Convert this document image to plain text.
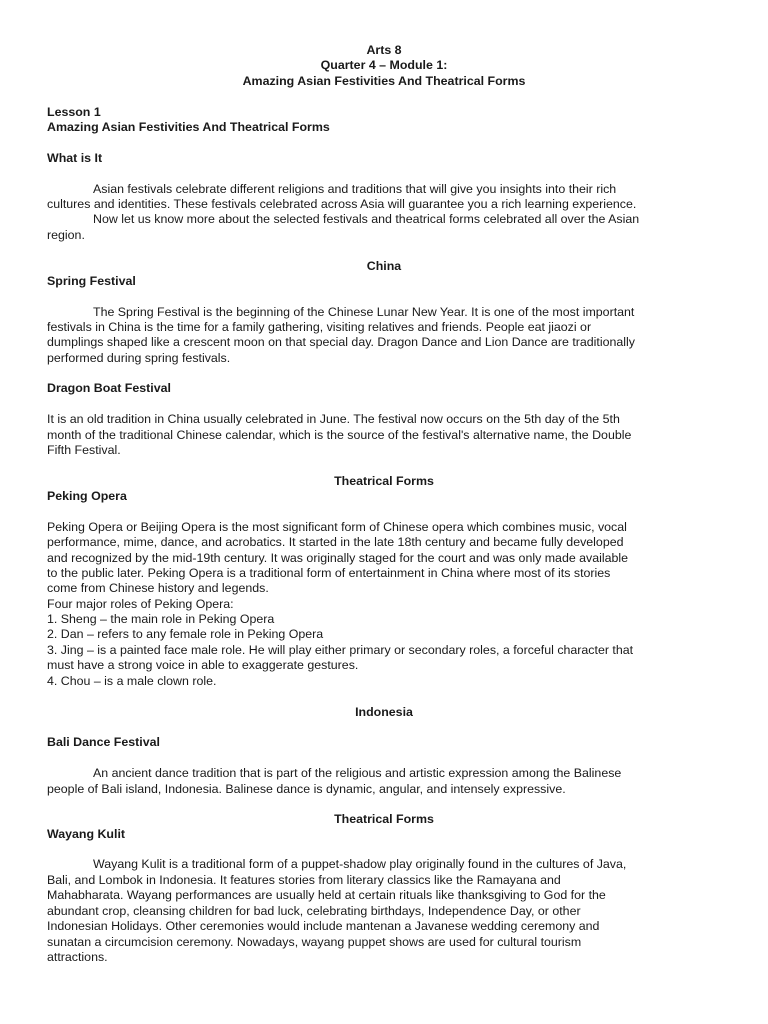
Arts 8
Quarter 4 – Module 1:
Amazing Asian Festivities And Theatrical Forms
Lesson 1
Amazing Asian Festivities And Theatrical Forms
What is It
Asian festivals celebrate different religions and traditions that will give you insights into their rich
cultures and identities. These festivals celebrated across Asia will guarantee you a rich learning experience.
Now let us know more about the selected festivals and theatrical forms celebrated all over the Asian
region.
China
Spring Festival
The Spring Festival is the beginning of the Chinese Lunar New Year. It is one of the most important
festivals in China is the time for a family gathering, visiting relatives and friends. People eat jiaozi or
dumplings shaped like a crescent moon on that special day. Dragon Dance and Lion Dance are traditionally
performed during spring festivals.
Dragon Boat Festival
It is an old tradition in China usually celebrated in June. The festival now occurs on the 5th day of the 5th
month of the traditional Chinese calendar, which is the source of the festival's alternative name, the Double
Fifth Festival.
Theatrical Forms
Peking Opera
Peking Opera or Beijing Opera is the most significant form of Chinese opera which combines music, vocal
performance, mime, dance, and acrobatics. It started in the late 18th century and became fully developed
and recognized by the mid-19th century. It was originally staged for the court and was only made available
to the public later. Peking Opera is a traditional form of entertainment in China where most of its stories
come from Chinese history and legends.
Four major roles of Peking Opera:
1. Sheng – the main role in Peking Opera
2. Dan – refers to any female role in Peking Opera
3. Jing – is a painted face male role. He will play either primary or secondary roles, a forceful character that
must have a strong voice in able to exaggerate gestures.
4. Chou – is a male clown role.
Indonesia
Bali Dance Festival
An ancient dance tradition that is part of the religious and artistic expression among the Balinese
people of Bali island, Indonesia. Balinese dance is dynamic, angular, and intensely expressive.
Theatrical Forms
Wayang Kulit
Wayang Kulit is a traditional form of a puppet-shadow play originally found in the cultures of Java,
Bali, and Lombok in Indonesia. It features stories from literary classics like the Ramayana and
Mahabharata. Wayang performances are usually held at certain rituals like thanksgiving to God for the
abundant crop, cleansing children for bad luck, celebrating birthdays, Independence Day, or other
Indonesian Holidays. Other ceremonies would include mantenan a Javanese wedding ceremony and
sunatan a circumcision ceremony. Nowadays, wayang puppet shows are used for cultural tourism
attractions.
